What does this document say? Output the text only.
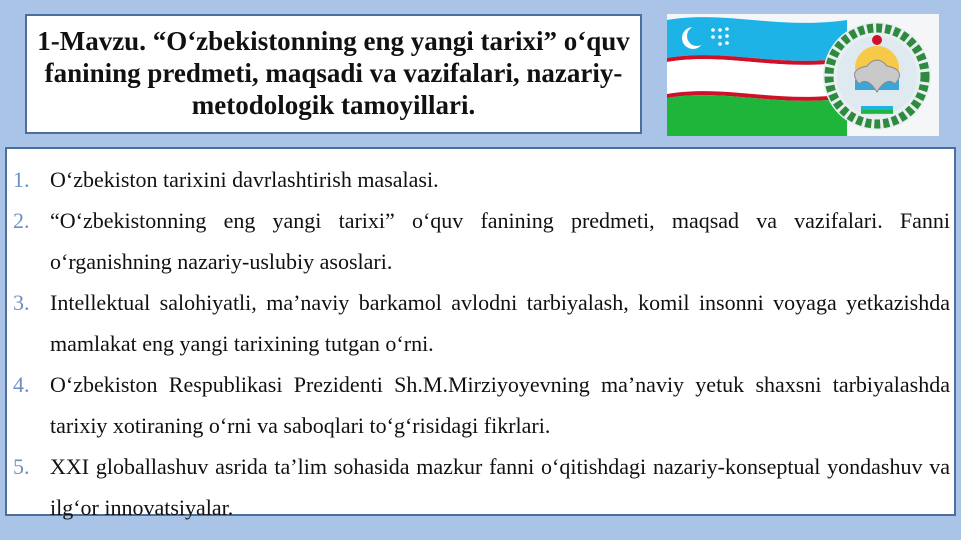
1-Mavzu. “O‘zbekistonning eng yangi tarixi” o‘quv fanining predmeti, maqsadi va vazifalari, nazariy-metodologik tamoyillari.
1. O‘zbekiston tarixini davrlashtirish masalasi.
2. “O‘zbekistonning eng yangi tarixi” o‘quv fanining predmeti, maqsad va vazifalari. Fanni o‘rganishning nazariy-uslubiy asoslari.
3. Intellektual salohiyatli, ma’naviy barkamol avlodni tarbiyalash, komil insonni voyaga yetkazishda mamlakat eng yangi tarixining tutgan o‘rni.
4. O‘zbekiston Respublikasi Prezidenti Sh.M.Mirziyoyevning ma’naviy yetuk shaxsni tarbiyalashda tarixiy xotiraning o‘rni va saboqlari to‘g‘risidagi fikrlari.
5. XXI globallashuv asrida ta’lim sohasida mazkur fanni o‘qitishdagi nazariy-konseptual yondashuv va ilg‘or innovatsiyalar.
